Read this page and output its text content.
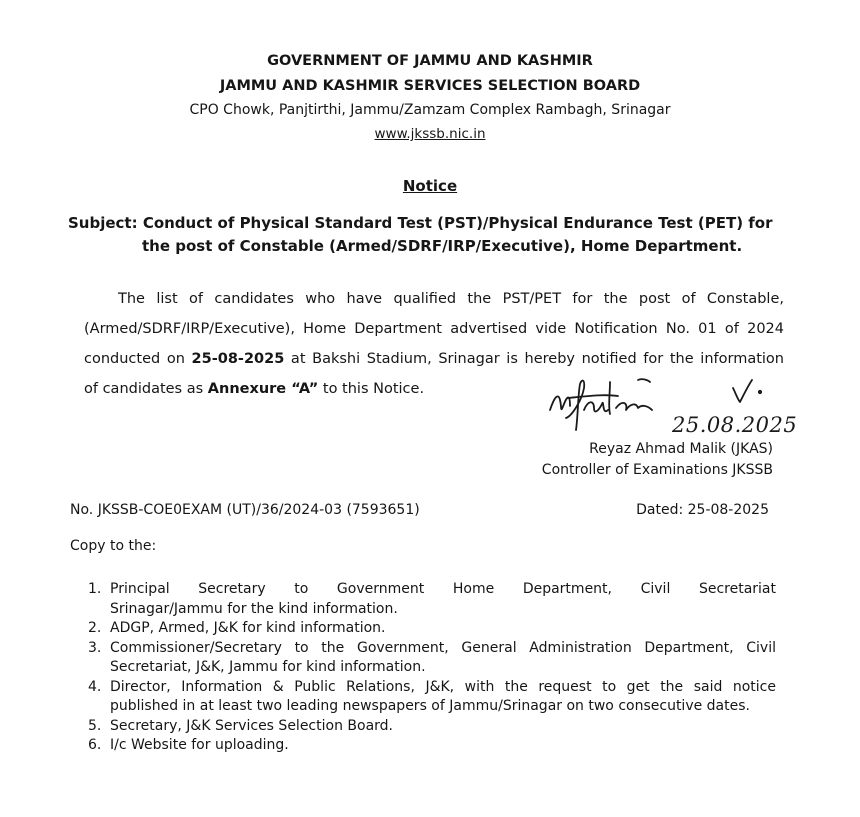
GOVERNMENT OF JAMMU AND KASHMIR

JAMMU AND KASHMIR SERVICES SELECTION BOARD

CPO Chowk, Panjtirthi, Jammu/Zamzam Complex Rambagh, Srinagar

www.jkssb.nic.in

Notice

Subject: Conduct of Physical Standard Test (PST)/Physical Endurance Test (PET) for
the post of Constable (Armed/SDRF/IRP/Executive), Home Department.

The list of candidates who have qualified the PST/PET for the post of Constable,
(Armed/SDRF/IRP/Executive), Home Department advertised vide Notification No. 01 of 2024
conducted on 25-08-2025 at Bakshi Stadium, Srinagar is hereby notified for the information
of candidates as Annexure “A” to this Notice.

25.08.2025

Reyaz Ahmad Malik (JKAS)

Controller of Examinations JKSSB

No. JKSSB-COE0EXAM (UT)/36/2024-03 (7593651)	Dated: 25-08-2025

Copy to the:

1. Principal Secretary to Government Home Department, Civil Secretariat
Srinagar/Jammu for the kind information.
2. ADGP, Armed, J&K for kind information.
3. Commissioner/Secretary to the Government, General Administration Department, Civil
Secretariat, J&K, Jammu for kind information.
4. Director, Information & Public Relations, J&K, with the request to get the said notice
published in at least two leading newspapers of Jammu/Srinagar on two consecutive dates.
5. Secretary, J&K Services Selection Board.
6. I/c Website for uploading.
